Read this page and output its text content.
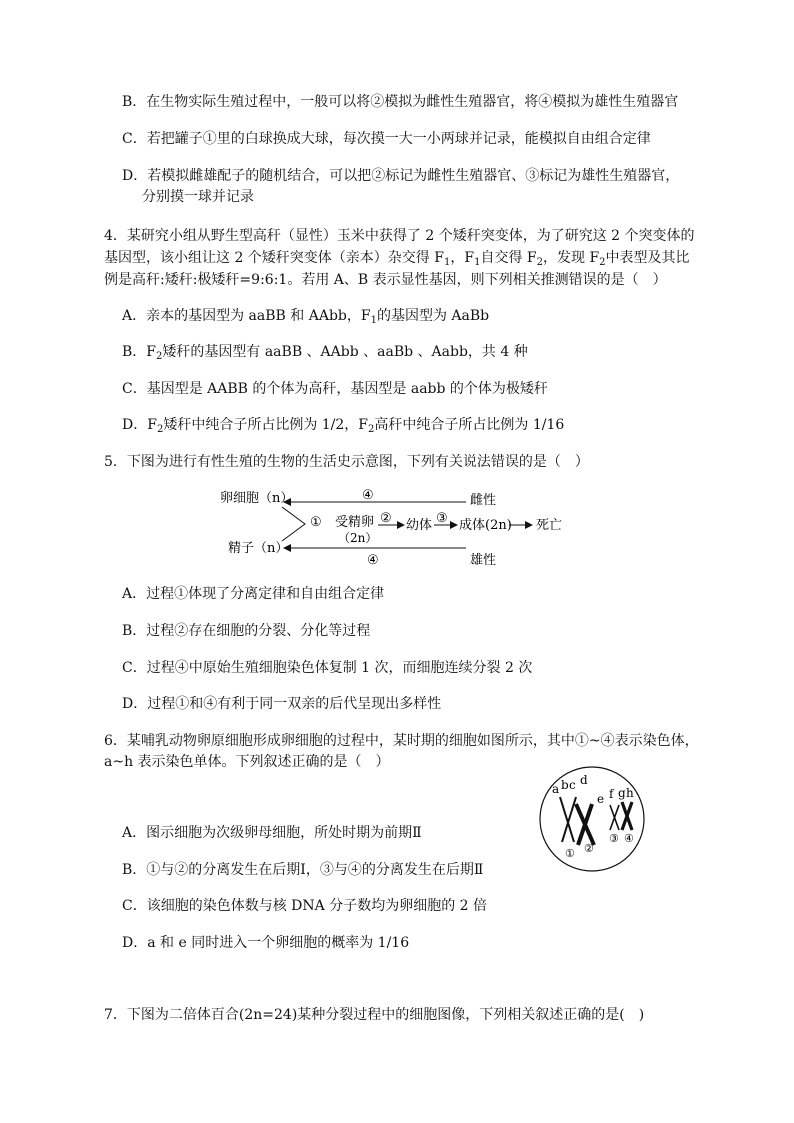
B．在生物实际生殖过程中，一般可以将②模拟为雌性生殖器官，将④模拟为雄性生殖器官
C．若把罐子①里的白球换成大球，每次摸一大一小两球并记录，能模拟自由组合定律
D．若模拟雌雄配子的随机结合，可以把②标记为雌性生殖器官、③标记为雄性生殖器官，
分别摸一球并记录
4．某研究小组从野生型高秆（显性）玉米中获得了 2 个矮秆突变体，为了研究这 2 个突变体的
基因型，该小组让这 2 个矮秆突变体（亲本）杂交得 $F_1$，$F_1$自交得 $F_2$，发现 $F_2$中表型及其比
例是高秆:矮秆:极矮秆=9:6:1。若用 A、B 表示显性基因，则下列相关推测错误的是（　）
A．亲本的基因型为 aaBB 和 AAbb，$F_1$的基因型为 AaBb
B．$F_2$矮秆的基因型有 aaBB 、AAbb 、aaBb 、Aabb，共 4 种
C．基因型是 AABB 的个体为高秆，基因型是 aabb 的个体为极矮秆
D．$F_2$矮秆中纯合子所占比例为 1/2，$F_2$高秆中纯合子所占比例为 1/16
5．下图为进行有性生殖的生物的生活史示意图，下列有关说法错误的是（　）
卵细胞（n）
精子（n）
雌性
雄性
④
④
① 受精卵
（2n）
② 幼体 ③ 成体(2n) 死亡
A．过程①体现了分离定律和自由组合定律
B．过程②存在细胞的分裂、分化等过程
C．过程④中原始生殖细胞染色体复制 1 次，而细胞连续分裂 2 次
D．过程①和④有利于同一双亲的后代呈现出多样性
6．某哺乳动物卵原细胞形成卵细胞的过程中，某时期的细胞如图所示，其中①~④表示染色体，
a~h 表示染色单体。下列叙述正确的是（　）
a b c d
e f g h
① ②
③ ④
A．图示细胞为次级卵母细胞，所处时期为前期Ⅱ
B．①与②的分离发生在后期Ⅰ，③与④的分离发生在后期Ⅱ
C．该细胞的染色体数与核 DNA 分子数均为卵细胞的 2 倍
D．a 和 e 同时进入一个卵细胞的概率为 1/16
7．下图为二倍体百合(2n=24)某种分裂过程中的细胞图像，下列相关叙述正确的是(　)
